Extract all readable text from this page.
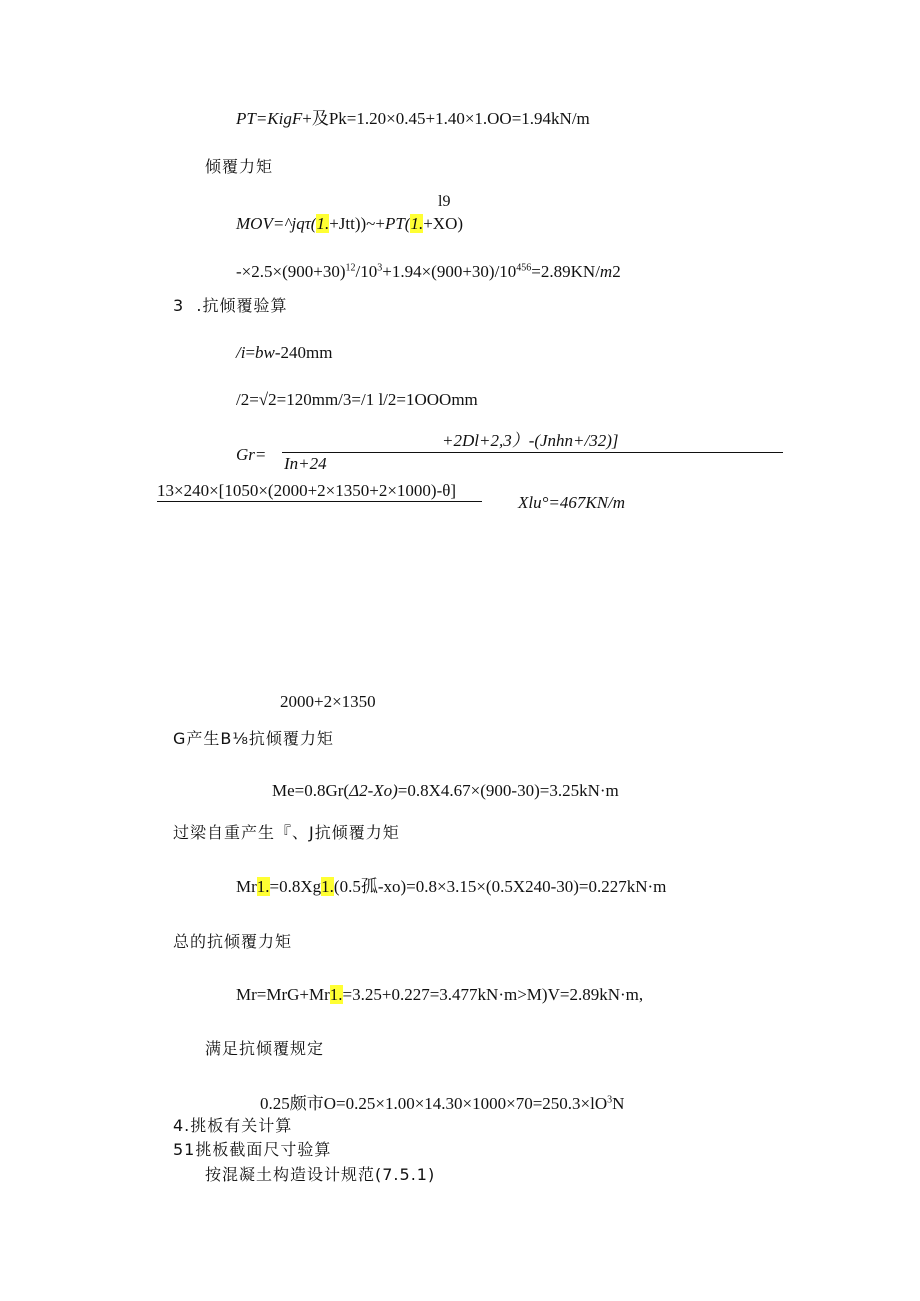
PT=KigF+及Pk=1.20×0.45+1.40×1.OO=1.94kN/m
倾覆力矩
l9
MOV=^jqτ(1.+Jtt))~+PT(1.+XO)
$-\times 2.5\times(900+30)^{12}/10^3+1.94\times(900+30)/10^{456}=2.89KN/m2$
3  .抗倾覆验算
/i=bw-240mm
/2=√2=120mm/3=/1 l/2=1OOOmm
+2Dl+2,3）-(Jnhn+/32)]
Gr= In+24
13×240×[1050×(2000+2×1350+2×1000)-θ]
Xlu°=467KN/m
2000+2×1350
G产生B⅛抗倾覆力矩
Me=0.8Gr(Δ2-Xo)=0.8X4.67×(900-30)=3.25kN·m
过梁自重产生『、J抗倾覆力矩
Mr1.=0.8Xg1.(0.5孤-xo)=0.8×3.15×(0.5X240-30)=0.227kN·m
总的抗倾覆力矩
Mr=MrG+Mr1.=3.25+0.227=3.477kN·m>M)V=2.89kN·m,
满足抗倾覆规定
0.25颇市$O=0.25\times 1.00\times 14.30\times 1000\times 70=250.3\times lO^3N$
4.挑板有关计算
51挑板截面尺寸验算
按混凝土构造设计规范(7.5.1)
